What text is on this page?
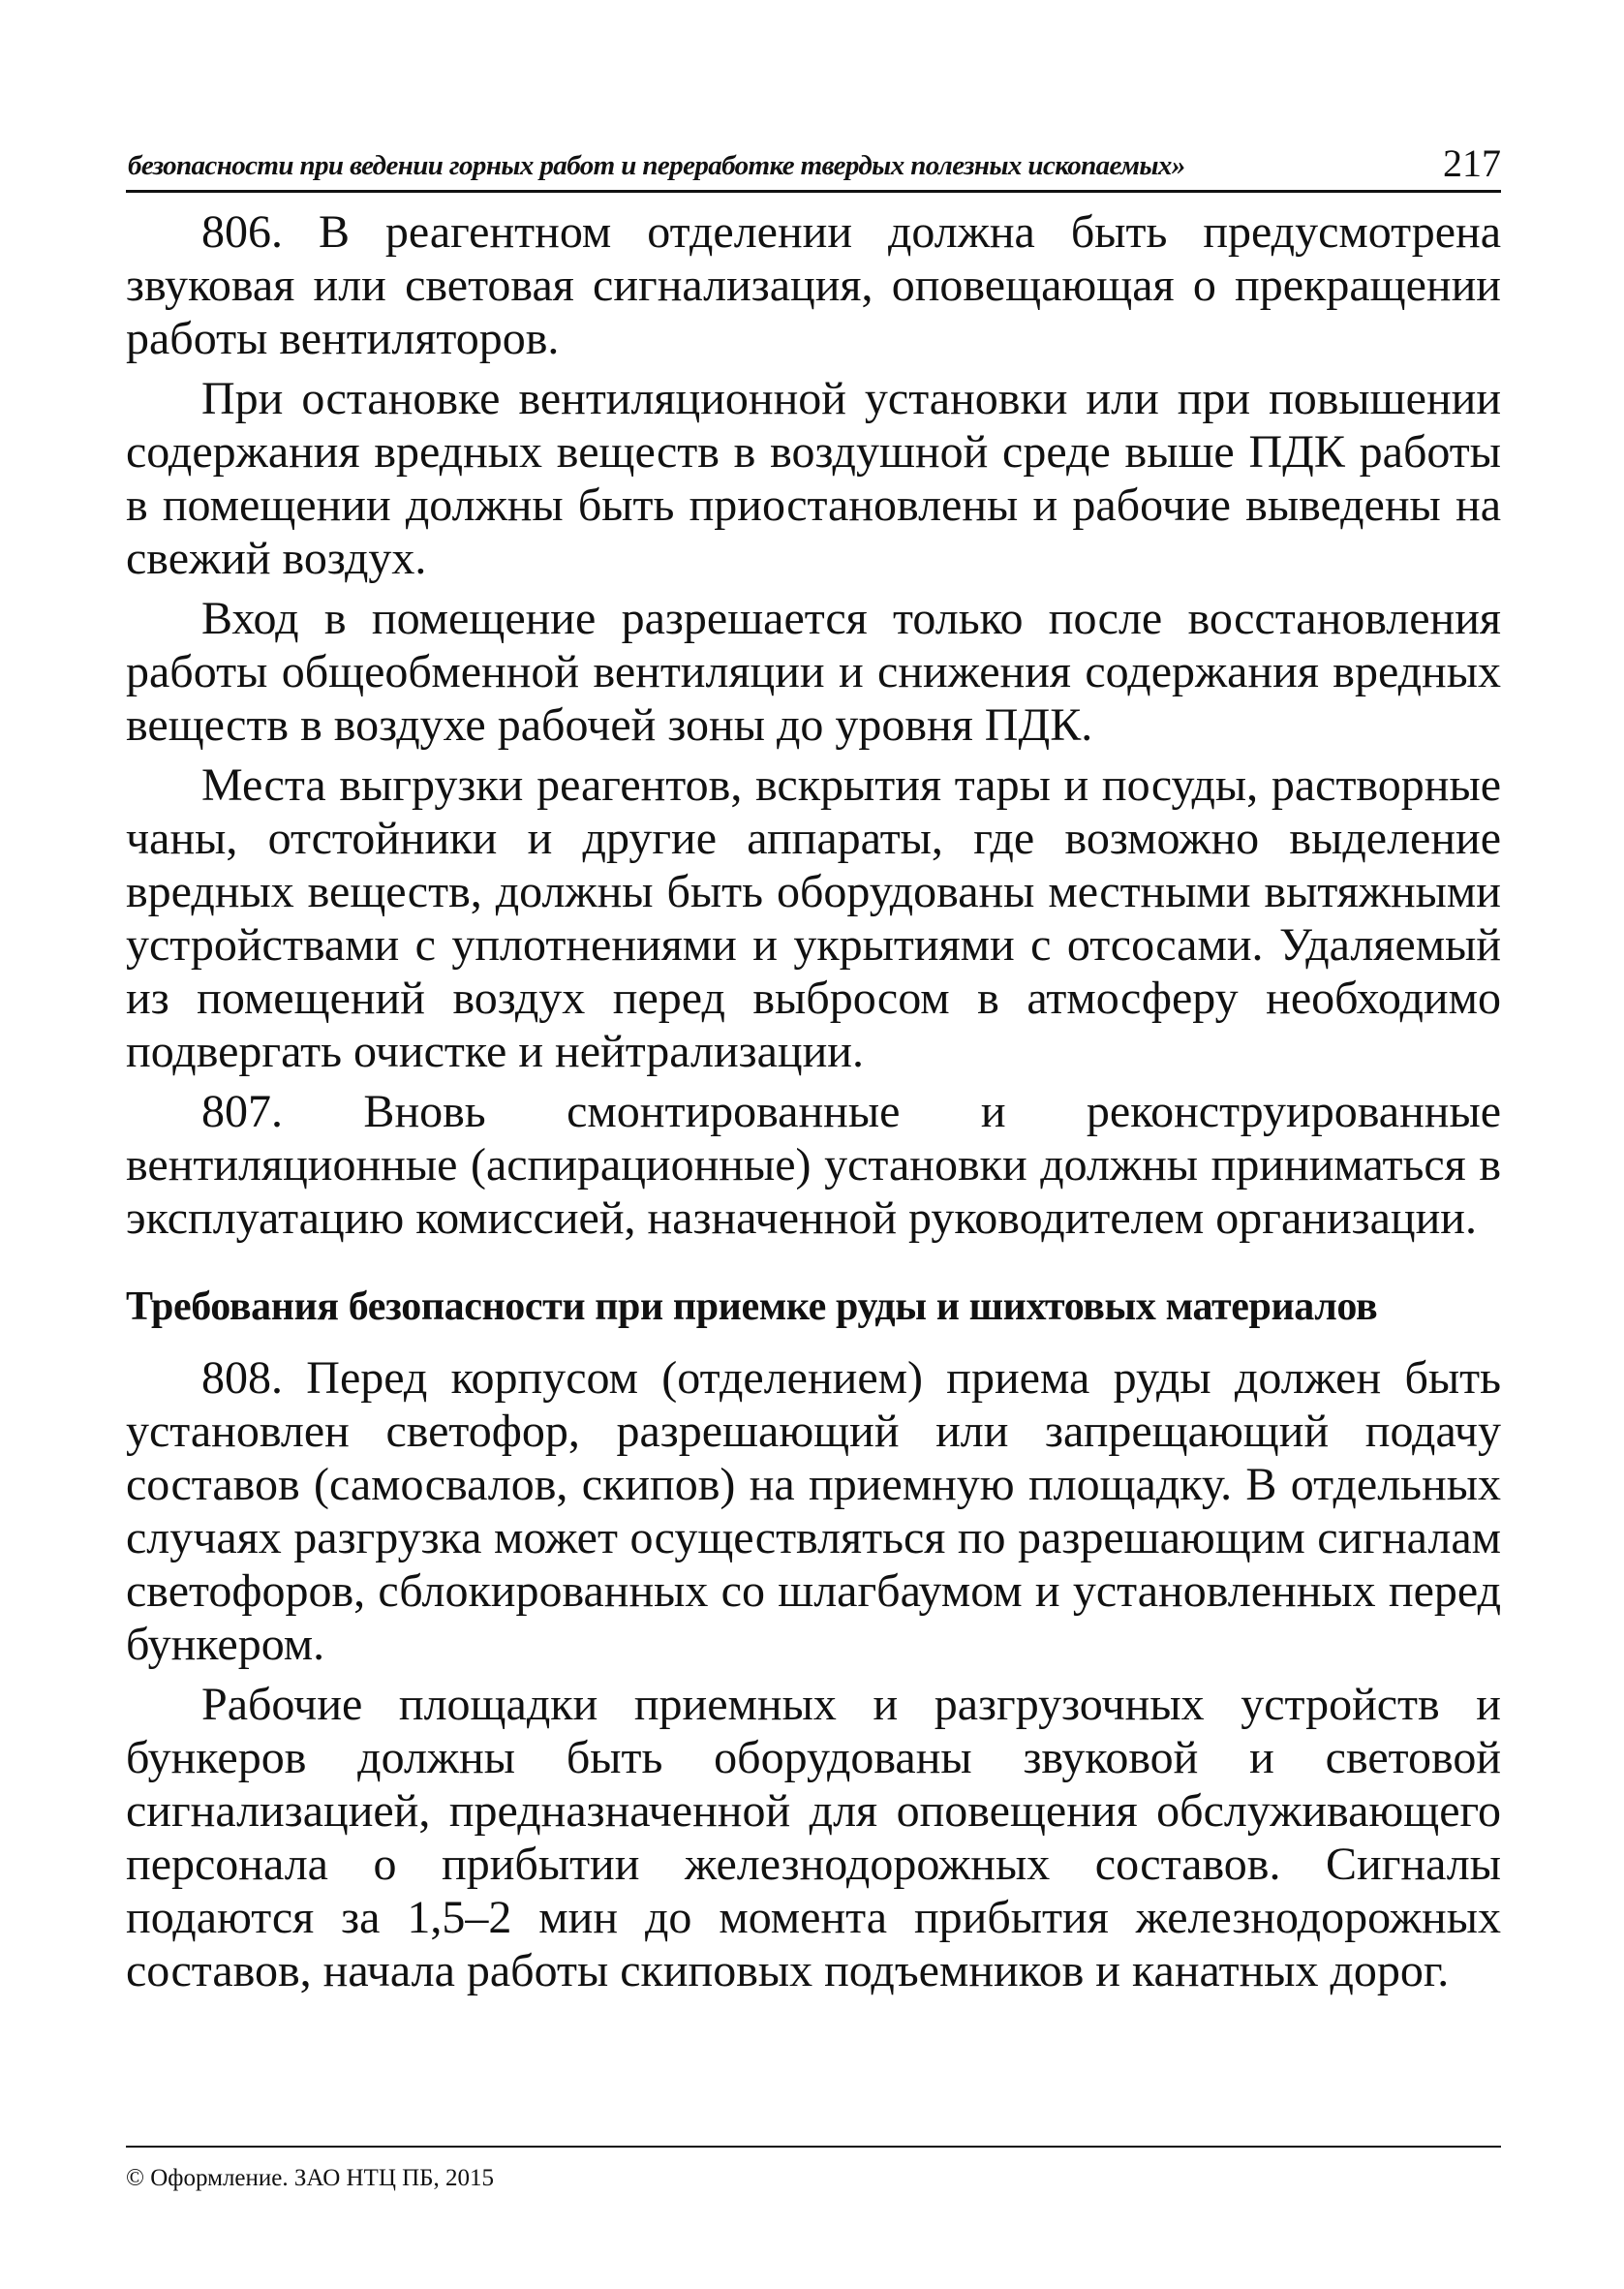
безопасности при ведении горных работ и переработке твердых полезных ископаемых»	217

806. В реагентном отделении должна быть предусмотрена звуковая или световая сигнализация, оповещающая о прекращении работы вентиляторов.

При остановке вентиляционной установки или при повышении содержания вредных веществ в воздушной среде выше ПДК работы в помещении должны быть приостановлены и рабочие выведены на свежий воздух.

Вход в помещение разрешается только после восстановления работы общеобменной вентиляции и снижения содержания вредных веществ в воздухе рабочей зоны до уровня ПДК.

Места выгрузки реагентов, вскрытия тары и посуды, растворные чаны, отстойники и другие аппараты, где возможно выделение вредных веществ, должны быть оборудованы местными вытяжными устройствами с уплотнениями и укрытиями с отсосами. Удаляемый из помещений воздух перед выбросом в атмосферу необходимо подвергать очистке и нейтрализации.

807. Вновь смонтированные и реконструированные вентиляционные (аспирационные) установки должны приниматься в эксплуатацию комиссией, назначенной руководителем организации.

Требования безопасности при приемке руды и шихтовых материалов

808. Перед корпусом (отделением) приема руды должен быть установлен светофор, разрешающий или запрещающий подачу составов (самосвалов, скипов) на приемную площадку. В отдельных случаях разгрузка может осуществляться по разрешающим сигналам светофоров, сблокированных со шлагбаумом и установленных перед бункером.

Рабочие площадки приемных и разгрузочных устройств и бункеров должны быть оборудованы звуковой и световой сигнализацией, предназначенной для оповещения обслуживающего персонала о прибытии железнодорожных составов. Сигналы подаются за 1,5–2 мин до момента прибытия железнодорожных составов, начала работы скиповых подъемников и канатных дорог.

© Оформление. ЗАО НТЦ ПБ, 2015
